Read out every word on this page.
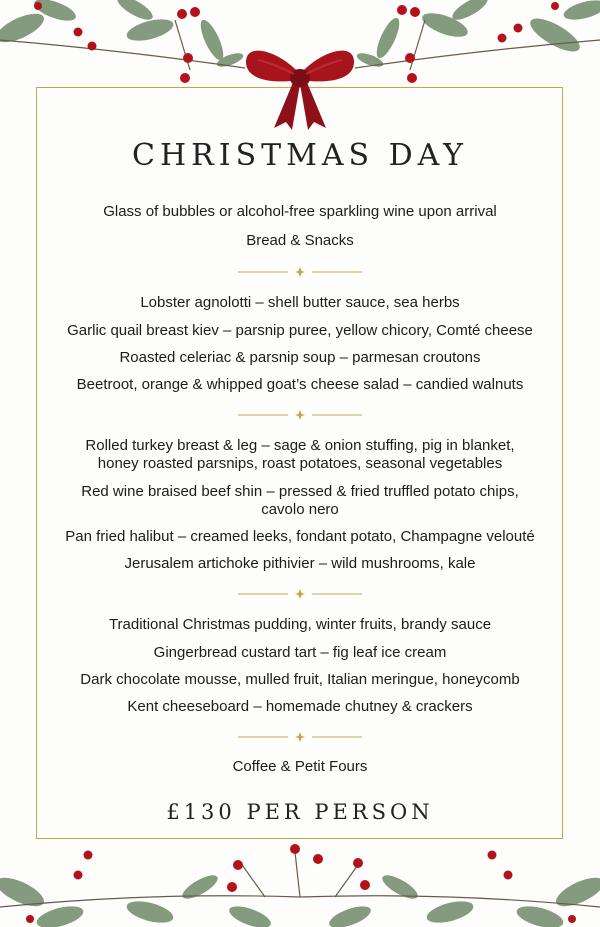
CHRISTMAS DAY
Glass of bubbles or alcohol-free sparkling wine upon arrival
Bread & Snacks
Lobster agnolotti – shell butter sauce, sea herbs
Garlic quail breast kiev – parsnip puree, yellow chicory, Comté cheese
Roasted celeriac & parsnip soup – parmesan croutons
Beetroot, orange & whipped goat’s cheese salad – candied walnuts
Rolled turkey breast & leg – sage & onion stuffing, pig in blanket,
honey roasted parsnips, roast potatoes, seasonal vegetables
Red wine braised beef shin – pressed & fried truffled potato chips,
cavolo nero
Pan fried halibut – creamed leeks, fondant potato, Champagne velouté
Jerusalem artichoke pithivier – wild mushrooms, kale
Traditional Christmas pudding, winter fruits, brandy sauce
Gingerbread custard tart – fig leaf ice cream
Dark chocolate mousse, mulled fruit, Italian meringue, honeycomb
Kent cheeseboard – homemade chutney & crackers
Coffee & Petit Fours
£130 PER PERSON
